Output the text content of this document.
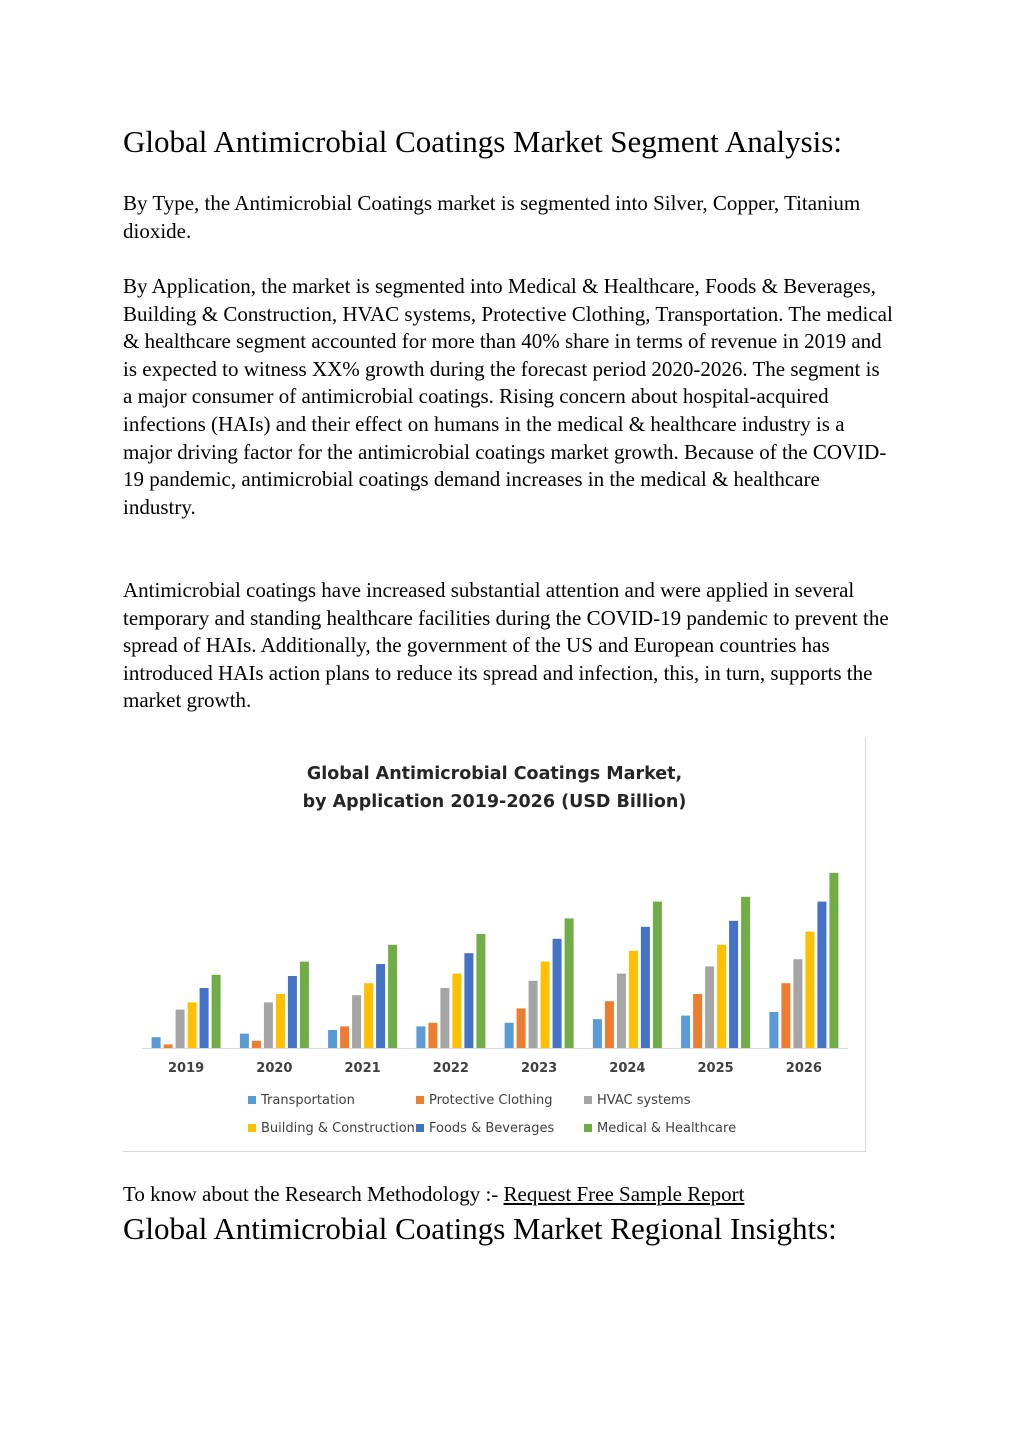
Global Antimicrobial Coatings Market Segment Analysis:

By Type, the Antimicrobial Coatings market is segmented into Silver, Copper, Titanium dioxide.

By Application, the market is segmented into Medical & Healthcare, Foods & Beverages, Building & Construction, HVAC systems, Protective Clothing, Transportation. The medical & healthcare segment accounted for more than 40% share in terms of revenue in 2019 and is expected to witness XX% growth during the forecast period 2020-2026. The segment is a major consumer of antimicrobial coatings. Rising concern about hospital-acquired infections (HAIs) and their effect on humans in the medical & healthcare industry is a major driving factor for the antimicrobial coatings market growth. Because of the COVID-19 pandemic, antimicrobial coatings demand increases in the medical & healthcare industry.

Antimicrobial coatings have increased substantial attention and were applied in several temporary and standing healthcare facilities during the COVID-19 pandemic to prevent the spread of HAIs. Additionally, the government of the US and European countries has introduced HAIs action plans to reduce its spread and infection, this, in turn, supports the market growth.

Global Antimicrobial Coatings Market,
by Application 2019-2026 (USD Billion)
2019	2020	2021	2022	2023	2024	2025	2026
Transportation	Protective Clothing	HVAC systems
Building & Construction	Foods & Beverages	Medical & Healthcare
To know about the Research Methodology :- Request Free Sample Report
Global Antimicrobial Coatings Market Regional Insights:
